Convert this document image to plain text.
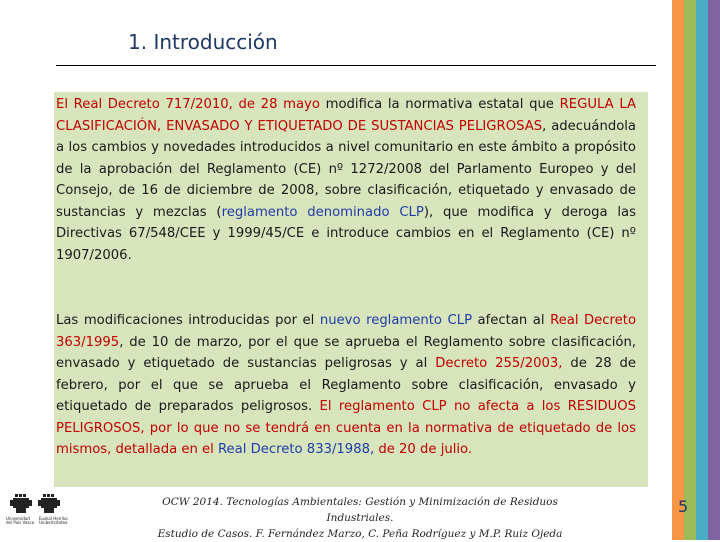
1. Introducción
El Real Decreto 717/2010, de 28 mayo modifica la normativa estatal que REGULA LA CLASIFICACIÓN, ENVASADO Y ETIQUETADO DE SUSTANCIAS PELIGROSAS, adecuándola a los cambios y novedades introducidos a nivel comunitario en este ámbito a propósito de la aprobación del Reglamento (CE) nº 1272/2008 del Parlamento Europeo y del Consejo, de 16 de diciembre de 2008, sobre clasificación, etiquetado y envasado de sustancias y mezclas (reglamento denominado CLP), que modifica y deroga las Directivas 67/548/CEE y 1999/45/CE e introduce cambios en el Reglamento (CE) nº 1907/2006.
Las modificaciones introducidas por el nuevo reglamento CLP afectan al Real Decreto 363/1995, de 10 de marzo, por el que se aprueba el Reglamento sobre clasificación, envasado y etiquetado de sustancias peligrosas y al Decreto 255/2003, de 28 de febrero, por el que se aprueba el Reglamento sobre clasificación, envasado y etiquetado de preparados peligrosos. El reglamento CLP no afecta a los RESIDUOS PELIGROSOS, por lo que no se tendrá en cuenta en la normativa de etiquetado de los mismos, detallada en el Real Decreto 833/1988, de 20 de julio.
Universidad del País Vasco
Euskal Herriko Unibertsitatea
OCW 2014. Tecnologías Ambientales: Gestión y Minimización de Residuos Industriales.
Estudio de Casos. F. Fernández Marzo, C. Peña Rodríguez y M.P. Ruiz Ojeda
5
